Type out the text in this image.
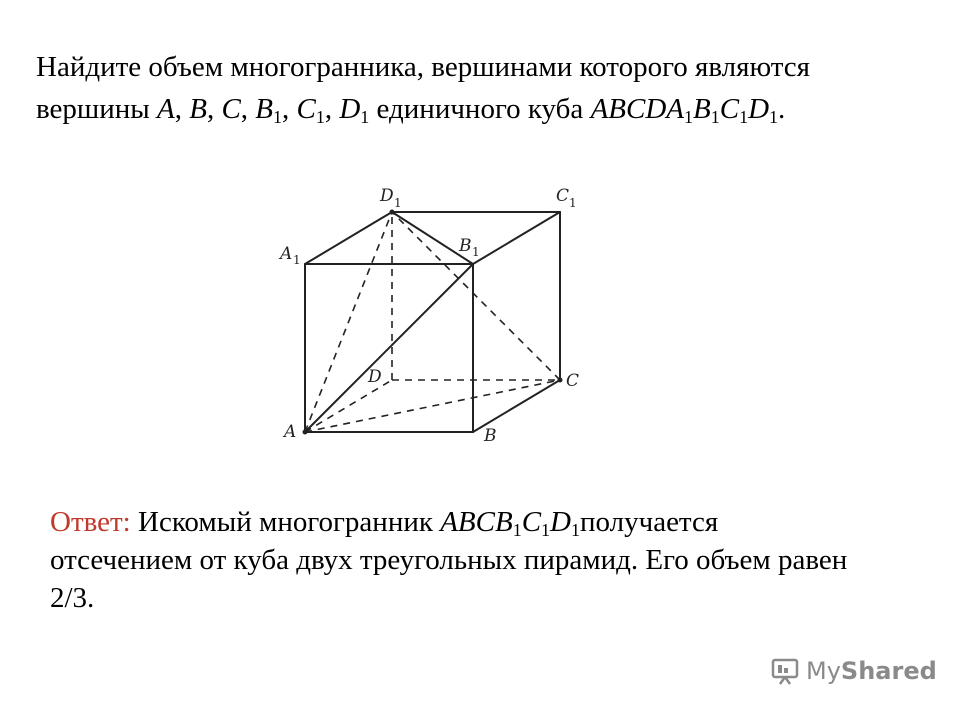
Найдите объем многогранника, вершинами которого являются
вершины A, B, C, $B_1$, $C_1$, $D_1$ единичного куба $ABCDA_1B_1C_1D_1$.
A	B
C
D
A 1
B 1
C 1
D 1
Ответ: Искомый многогранник $ABCB_1C_1D_1получается$
отсечением от куба двух треугольных пирамид. Его объем равен
2/3.
My Shared
